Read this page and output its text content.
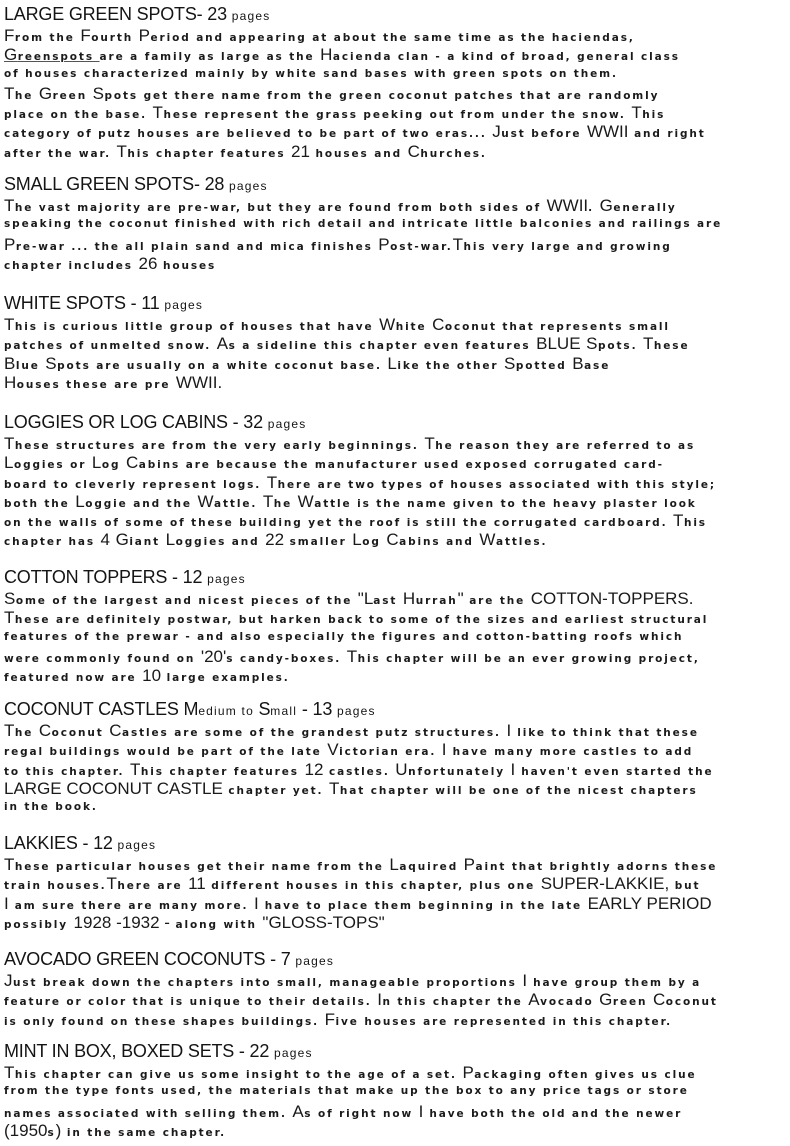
LARGE GREEN SPOTS- 23 pages
From the Fourth Period and appearing at about the same time as the haciendas,
Greenspots are a family as large as the Hacienda clan - a kind of broad, general class
of houses characterized mainly by white sand bases with green spots on them.
The Green Spots get there name from the green coconut patches that are randomly
place on the base. These represent the grass peeking out from under the snow. This
category of putz houses are believed to be part of two eras... Just before WWII and right
after the war. This chapter features 21 houses and Churches.
SMALL GREEN SPOTS- 28 pages
The vast majority are pre-war, but they are found from both sides of WWII. Generally
speaking the coconut finished with rich detail and intricate little balconies and railings are
Pre-war ... the all plain sand and mica finishes Post-war.This very large and growing
chapter includes 26 houses
WHITE SPOTS - 11 pages
This is curious little group of houses that have White Coconut that represents small
patches of unmelted snow. As a sideline this chapter even features BLUE Spots. These
Blue Spots are usually on a white coconut base. Like the other Spotted Base
Houses these are pre WWII.
LOGGIES OR LOG CABINS - 32 pages
These structures are from the very early beginnings. The reason they are referred to as
Loggies or Log Cabins are because the manufacturer used exposed corrugated card-
board to cleverly represent logs. There are two types of houses associated with this style;
both the Loggie and the Wattle. The Wattle is the name given to the heavy plaster look
on the walls of some of these building yet the roof is still the corrugated cardboard. This
chapter has 4 Giant Loggies and 22 smaller Log Cabins and Wattles.
COTTON TOPPERS - 12 pages
Some of the largest and nicest pieces of the "Last Hurrah" are the COTTON-TOPPERS.
These are definitely postwar, but harken back to some of the sizes and earliest structural
features of the prewar - and also especially the figures and cotton-batting roofs which
were commonly found on '20's candy-boxes. This chapter will be an ever growing project,
featured now are 10 large examples.
COCONUT CASTLES Medium to Small - 13 pages
The Coconut Castles are some of the grandest putz structures. I like to think that these
regal buildings would be part of the late Victorian era. I have many more castles to add
to this chapter. This chapter features 12 castles. Unfortunately I haven't even started the
LARGE COCONUT CASTLE chapter yet. That chapter will be one of the nicest chapters
in the book.
LAKKIES - 12 pages
These particular houses get their name from the Laquired Paint that brightly adorns these
train houses.There are 11 different houses in this chapter, plus one SUPER-LAKKIE, but
I am sure there are many more. I have to place them beginning in the late EARLY PERIOD
possibly 1928 -1932 - along with "GLOSS-TOPS"
AVOCADO GREEN COCONUTS - 7 pages
Just break down the chapters into small, manageable proportions I have group them by a
feature or color that is unique to their details. In this chapter the Avocado Green Coconut
is only found on these shapes buildings. Five houses are represented in this chapter.
MINT IN BOX, BOXED SETS - 22 pages
This chapter can give us some insight to the age of a set. Packaging often gives us clue
from the type fonts used, the materials that make up the box to any price tags or store
names associated with selling them. As of right now I have both the old and the newer
(1950s) in the same chapter.
